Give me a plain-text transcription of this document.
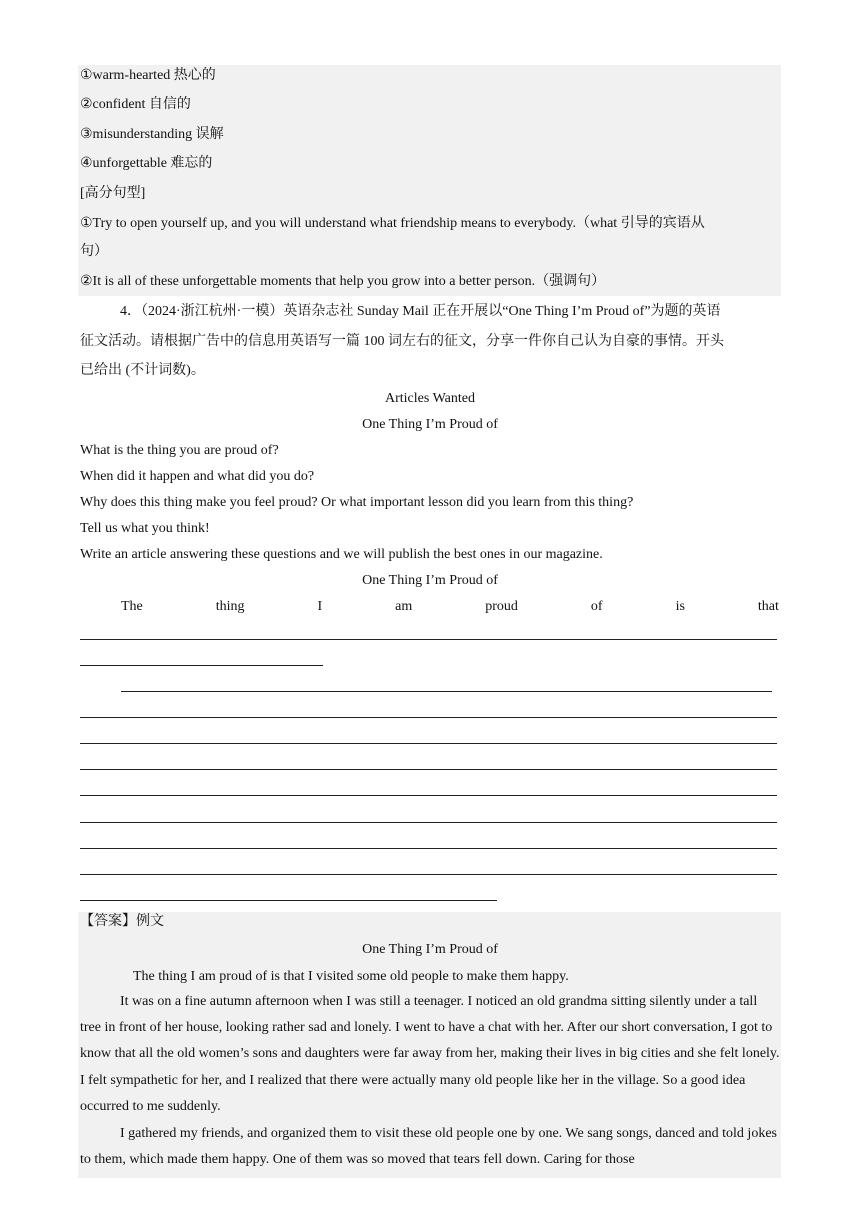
①warm-hearted 热心的
②confident 自信的
③misunderstanding 误解
④unforgettable 难忘的
[高分句型]
①Try to open yourself up, and you will understand what friendship means to everybody.（what 引导的宾语从
句）
②It is all of these unforgettable moments that help you grow into a better person.（强调句）
4．（2024·浙江杭州·一模）英语杂志社 Sunday Mail 正在开展以“One Thing I’m Proud of”为题的英语
征文活动。请根据广告中的信息用英语写一篇 100 词左右的征文，分享一件你自己认为自豪的事情。开头
已给出 (不计词数)。
Articles Wanted
One Thing I’m Proud of
What is the thing you are proud of?
When did it happen and what did you do?
Why does this thing make you feel proud? Or what important lesson did you learn from this thing?
Tell us what you think!
Write an article answering these questions and we will publish the best ones in our magazine.
One Thing I’m Proud of
The	thing	I	am	proud	of	is	that
【答案】例文
One Thing I’m Proud of
The thing I am proud of is that I visited some old people to make them happy.
It was on a fine autumn afternoon when I was still a teenager. I noticed an old grandma sitting silently under a tall tree in front of her house, looking rather sad and lonely. I went to have a chat with her. After our short conversation, I got to know that all the old women’s sons and daughters were far away from her, making their lives in big cities and she felt lonely. I felt sympathetic for her, and I realized that there were actually many old people like her in the village. So a good idea occurred to me suddenly.
I gathered my friends, and organized them to visit these old people one by one. We sang songs, danced and told jokes to them, which made them happy. One of them was so moved that tears fell down. Caring for those
